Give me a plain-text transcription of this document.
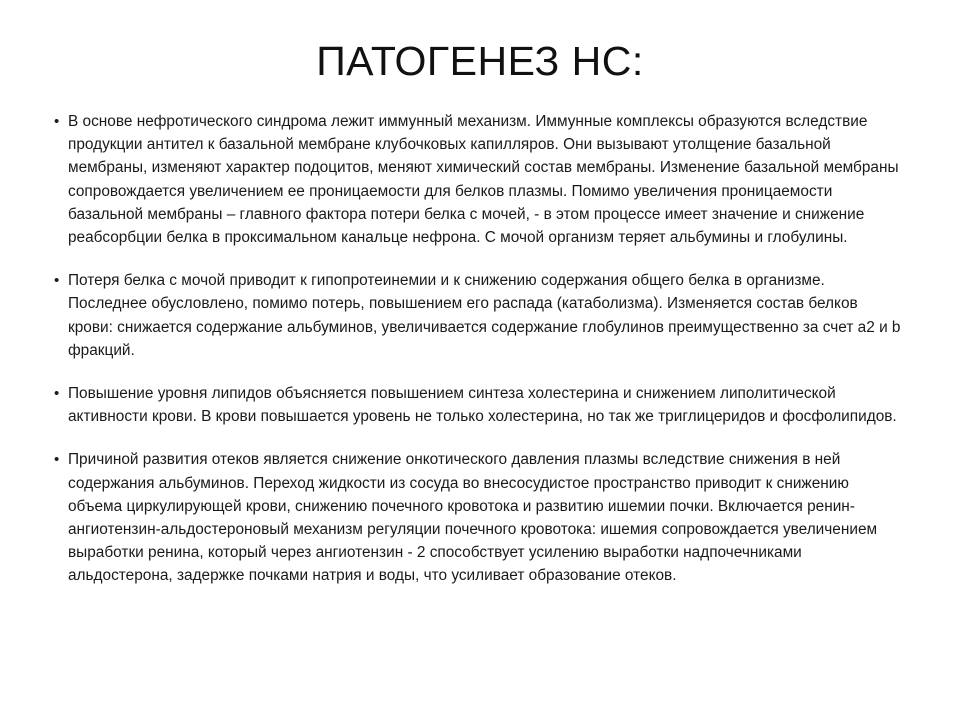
ПАТОГЕНЕЗ НС:
• В основе нефротического синдрома лежит иммунный механизм. Иммунные комплексы образуются вследствие продукции антител к базальной мембране клубочковых капилляров. Они вызывают утолщение базальной мембраны, изменяют характер подоцитов, меняют химический состав мембраны. Изменение базальной мембраны сопровождается увеличением ее проницаемости для белков плазмы. Помимо увеличения проницаемости базальной мембраны – главного фактора потери белка с мочей, - в этом процессе имеет значение и снижение реабсорбции белка в проксимальном канальце нефрона. С мочой организм теряет альбумины и глобулины.
• Потеря белка с мочой приводит к гипопротеинемии и к снижению содержания общего белка в организме. Последнее обусловлено, помимо потерь, повышением его распада (катаболизма). Изменяется состав белков крови: снижается содержание альбуминов, увеличивается содержание глобулинов преимущественно за счет а2 и b фракций.
• Повышение уровня липидов объясняется повышением синтеза холестерина и снижением липолитической активности крови. В крови повышается уровень не только холестерина, но так же триглицеридов и фосфолипидов.
• Причиной развития отеков является снижение онкотического давления плазмы вследствие снижения в ней содержания альбуминов. Переход жидкости из сосуда во внесосудистое пространство приводит к снижению объема циркулирующей крови, снижению почечного кровотока и развитию ишемии почки. Включается ренин-ангиотензин-альдостероновый механизм регуляции почечного кровотока: ишемия сопровождается увеличением выработки ренина, который через ангиотензин - 2 способствует усилению выработки надпочечниками альдостерона, задержке почками натрия и воды, что усиливает образование отеков.
